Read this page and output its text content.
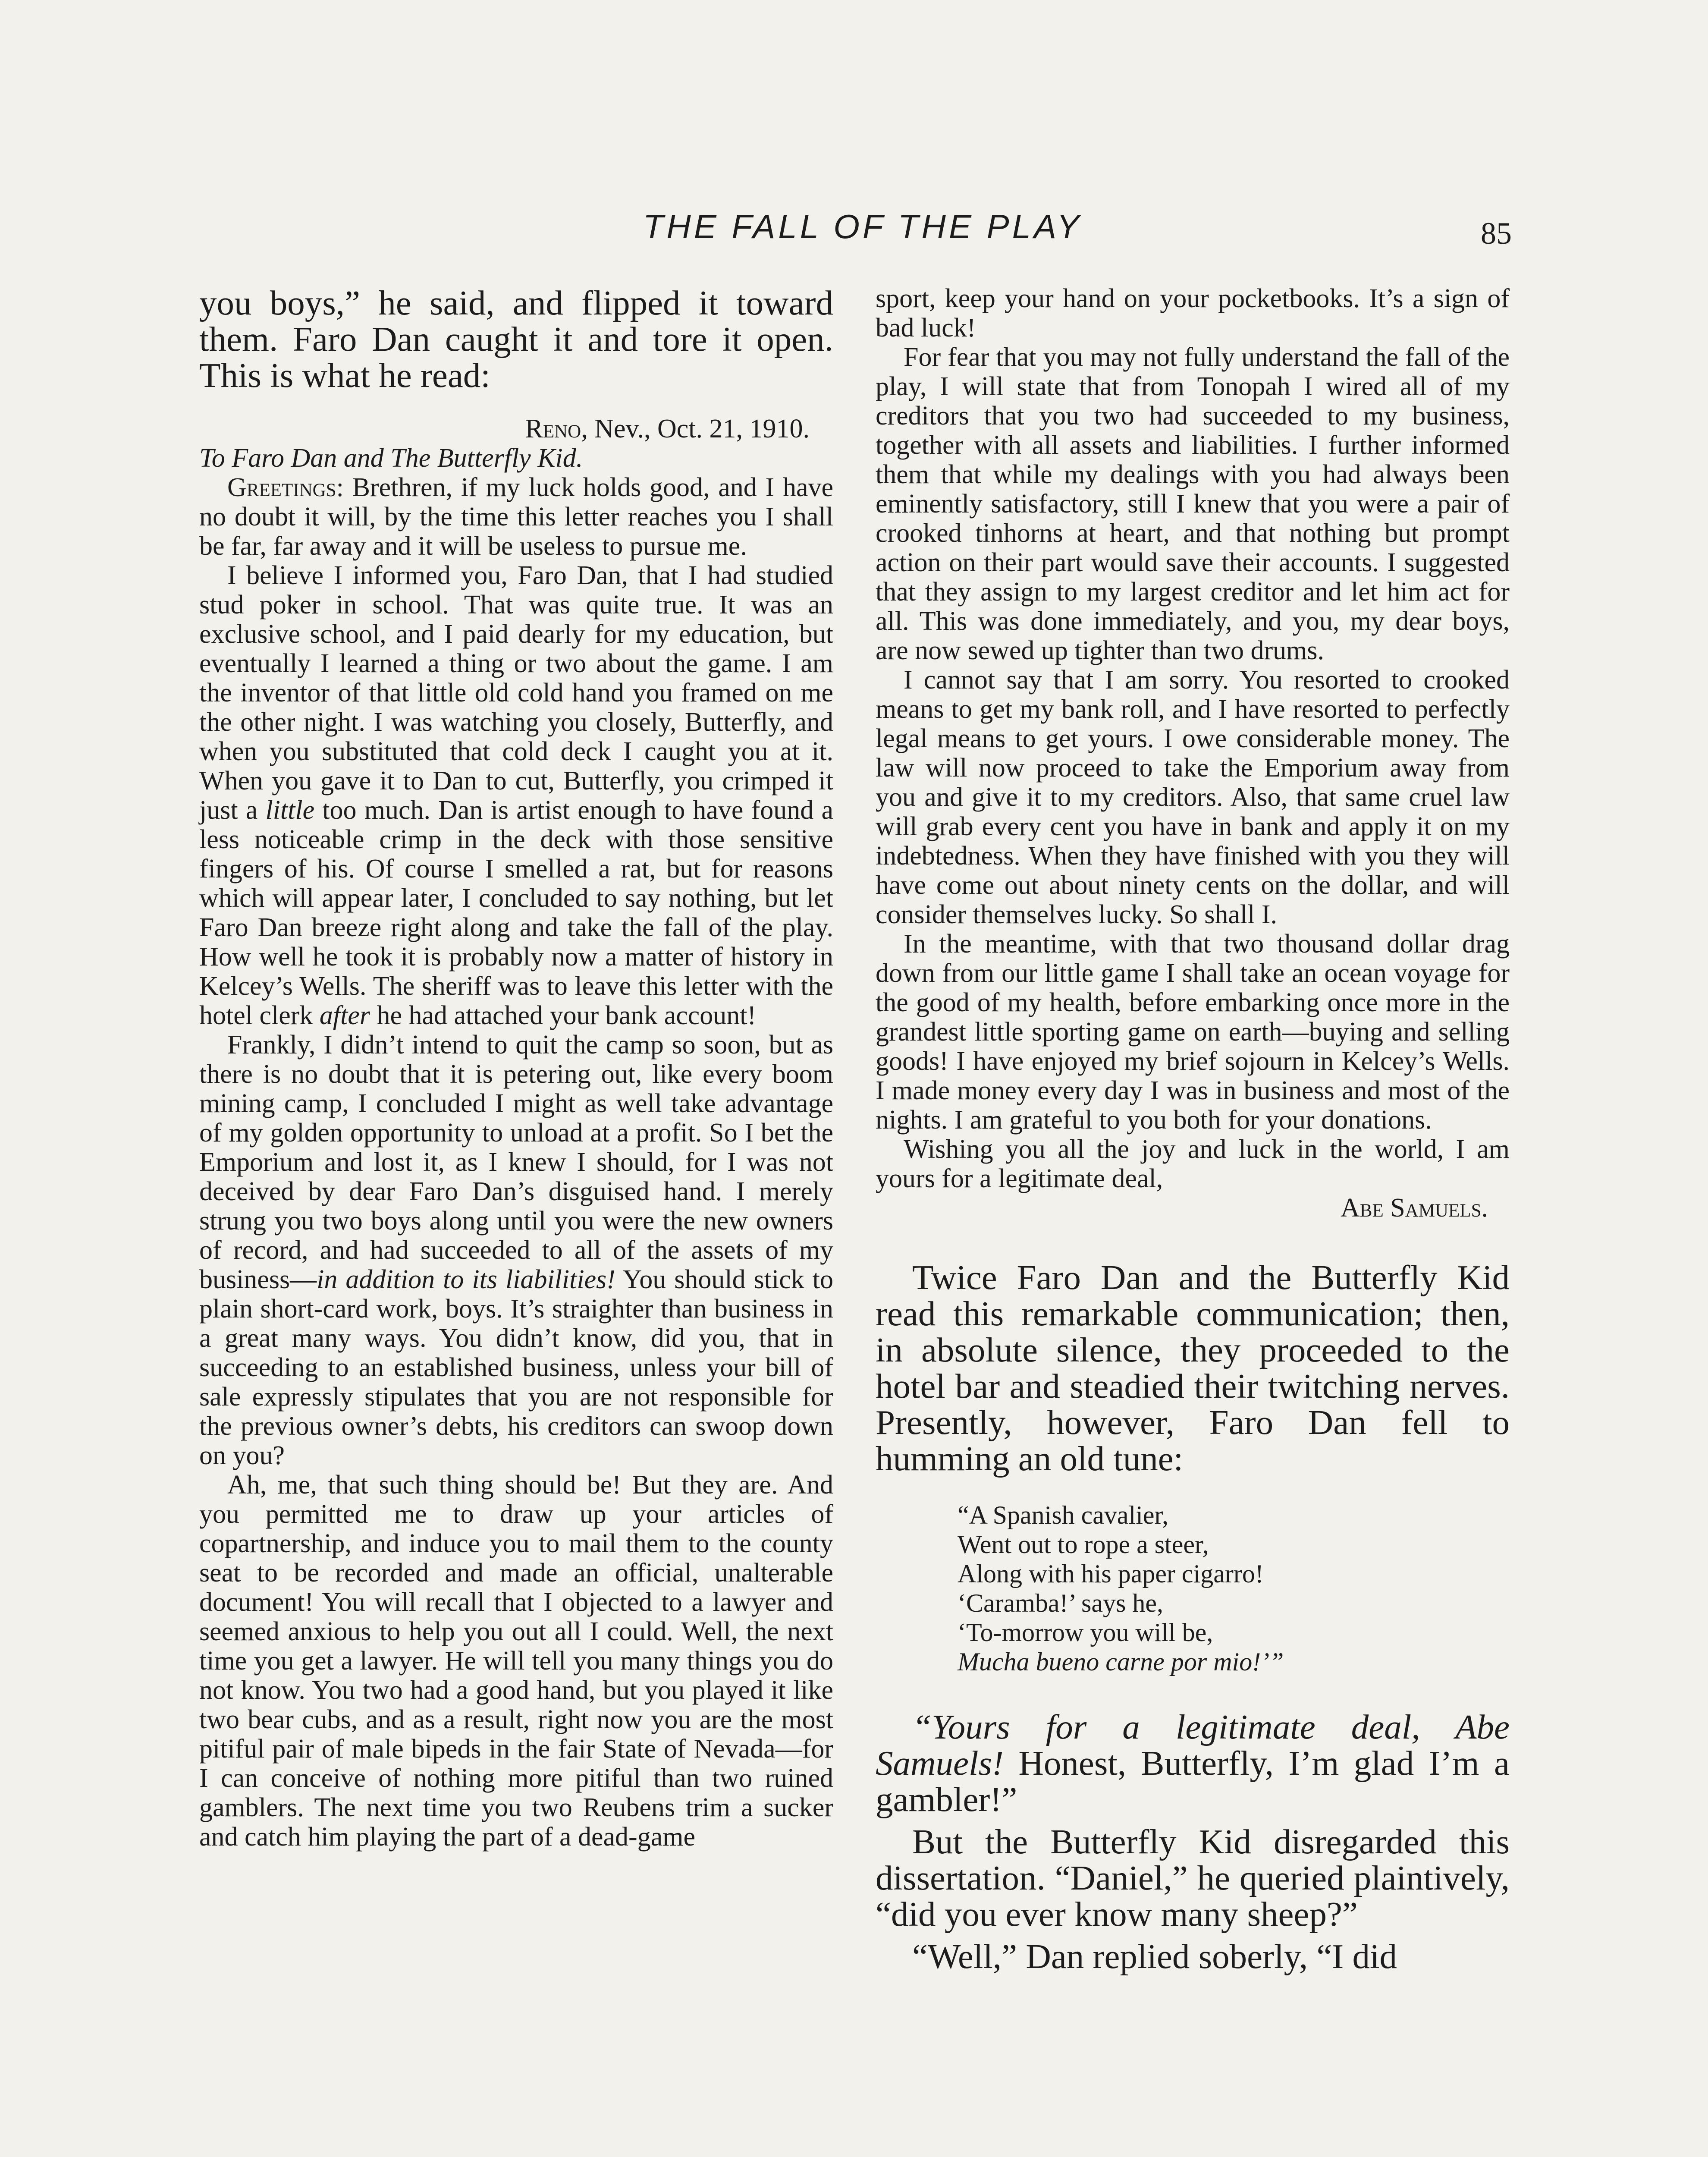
THE FALL OF THE PLAY	85

you boys,” he said, and flipped it toward them. Faro Dan caught it and tore it open. This is what he read:

Reno, Nev., Oct. 21, 1910.

To Faro Dan and The Butterfly Kid.

Greetings: Brethren, if my luck holds good, and I have no doubt it will, by the time this letter reaches you I shall be far, far away and it will be useless to pursue me.

I believe I informed you, Faro Dan, that I had studied stud poker in school. That was quite true. It was an exclusive school, and I paid dearly for my education, but eventually I learned a thing or two about the game. I am the inventor of that little old cold hand you framed on me the other night. I was watching you closely, Butterfly, and when you substituted that cold deck I caught you at it. When you gave it to Dan to cut, Butterfly, you crimped it just a little too much. Dan is artist enough to have found a less noticeable crimp in the deck with those sensitive fingers of his. Of course I smelled a rat, but for reasons which will appear later, I concluded to say nothing, but let Faro Dan breeze right along and take the fall of the play. How well he took it is probably now a matter of history in Kelcey’s Wells. The sheriff was to leave this letter with the hotel clerk after he had attached your bank account!

Frankly, I didn’t intend to quit the camp so soon, but as there is no doubt that it is petering out, like every boom mining camp, I concluded I might as well take advantage of my golden opportunity to unload at a profit. So I bet the Emporium and lost it, as I knew I should, for I was not deceived by dear Faro Dan’s disguised hand. I merely strung you two boys along until you were the new owners of record, and had succeeded to all of the assets of my business—in addition to its liabilities! You should stick to plain short-card work, boys. It’s straighter than business in a great many ways. You didn’t know, did you, that in succeeding to an established business, unless your bill of sale expressly stipulates that you are not responsible for the previous owner’s debts, his creditors can swoop down on you?

Ah, me, that such thing should be! But they are. And you permitted me to draw up your articles of copartnership, and induce you to mail them to the county seat to be recorded and made an official, unalterable document! You will recall that I objected to a lawyer and seemed anxious to help you out all I could. Well, the next time you get a lawyer. He will tell you many things you do not know. You two had a good hand, but you played it like two bear cubs, and as a result, right now you are the most pitiful pair of male bipeds in the fair State of Nevada—for I can conceive of nothing more pitiful than two ruined gamblers. The next time you two Reubens trim a sucker and catch him playing the part of a dead-game

sport, keep your hand on your pocketbooks. It’s a sign of bad luck!

For fear that you may not fully understand the fall of the play, I will state that from Tonopah I wired all of my creditors that you two had succeeded to my business, together with all assets and liabilities. I further informed them that while my dealings with you had always been eminently satisfactory, still I knew that you were a pair of crooked tinhorns at heart, and that nothing but prompt action on their part would save their accounts. I suggested that they assign to my largest creditor and let him act for all. This was done immediately, and you, my dear boys, are now sewed up tighter than two drums.

I cannot say that I am sorry. You resorted to crooked means to get my bank roll, and I have resorted to perfectly legal means to get yours. I owe considerable money. The law will now proceed to take the Emporium away from you and give it to my creditors. Also, that same cruel law will grab every cent you have in bank and apply it on my indebtedness. When they have finished with you they will have come out about ninety cents on the dollar, and will consider themselves lucky. So shall I.

In the meantime, with that two thousand dollar drag down from our little game I shall take an ocean voyage for the good of my health, before embarking once more in the grandest little sporting game on earth—buying and selling goods! I have enjoyed my brief sojourn in Kelcey’s Wells. I made money every day I was in business and most of the nights. I am grateful to you both for your donations.

Wishing you all the joy and luck in the world, I am yours for a legitimate deal,

Abe Samuels.

Twice Faro Dan and the Butterfly Kid read this remarkable communication; then, in absolute silence, they proceeded to the hotel bar and steadied their twitching nerves. Presently, however, Faro Dan fell to humming an old tune:

“A Spanish cavalier,

Went out to rope a steer,

Along with his paper cigarro!

‘Caramba!’ says he,

‘To-morrow you will be,

Mucha bueno carne por mio!’”

“Yours for a legitimate deal, Abe Samuels! Honest, Butterfly, I’m glad I’m a gambler!”

But the Butterfly Kid disregarded this dissertation. “Daniel,” he queried plaintively, “did you ever know many sheep?”

“Well,” Dan replied soberly, “I did
